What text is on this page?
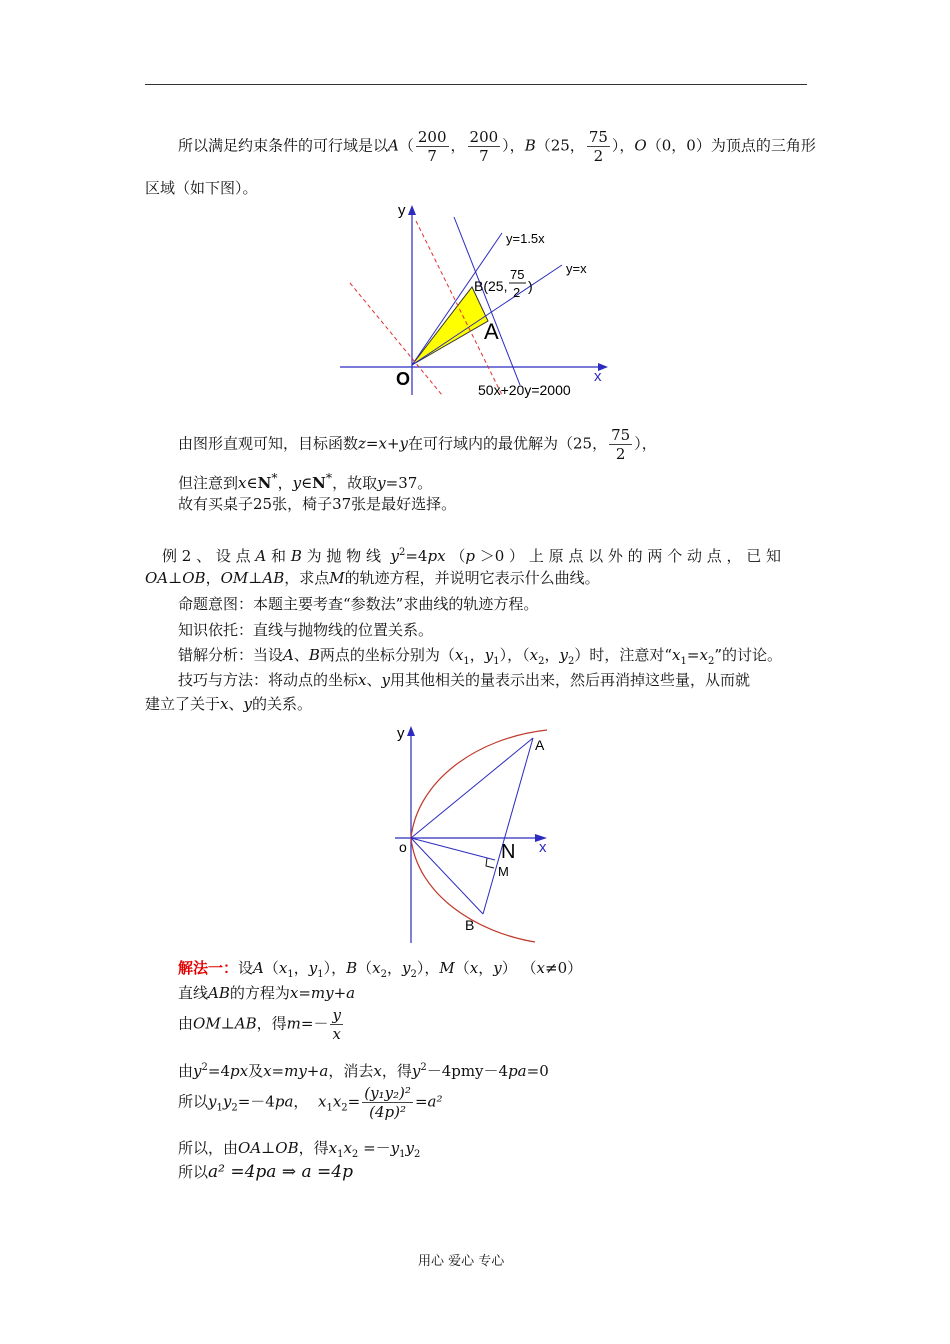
所以满足约束条件的可行域是以$A( \frac{200}{7}$ ， $\frac{200}{7}$ ），B（25， $\frac{75}{2}$ ），O（0，0）为顶点的三角形
区域（如下图）。
y
x
O
y=1.5x
y=x
B(25,
75
2 )
A
50x+20y=2000
由图形直观可知，目标函数z=x+y在可行域内的最优解为（25， $\frac{75}{2}$ ），
但注意到x∈N*，y∈N*，故取y=37。
故有买桌子25张，椅子37张是最好选择。
例 2 、 设 点 A 和 B 为 抛 物 线 $y^2=4px$ （p ＞0 ） 上 原 点 以 外 的 两 个 动 点 ， 已 知
OA⊥OB，OM⊥AB，求点M的轨迹方程，并说明它表示什么曲线。
命题意图：本题主要考查“参数法”求曲线的轨迹方程。
知识依托：直线与抛物线的位置关系。
错解分析：当设A、B两点的坐标分别为（$x_1$，$y_1$），（$x_2$，$y_2$）时，注意对“$x_1=x_2$”的讨论。
技巧与方法：将动点的坐标x、y用其他相关的量表示出来，然后再消掉这些量，从而就
建立了关于x、y的关系。
y
x
o
A
B
N
M
解法一：设$A(x_1$，$y_1$），$B(x_2$，$y_2$），M（x，y） （x≠0）
直线AB的方程为x=my+a
由OM⊥AB，得$m=- \frac{y}{x}$
由$y^2=4px$及x=my+a，消去x，得$y^2-4pmy-4pa=0$
所以$y_1y_2=-4pa$， $x_1x_2= \frac{\text{(y₁y₂)²}}{\text{(4p)²}} =a^2$
所以，由OA⊥OB，得$x_1x_2 =-y_1y_2$
所以a² =4pa ⇒ a =4p
用心 爱心 专心
